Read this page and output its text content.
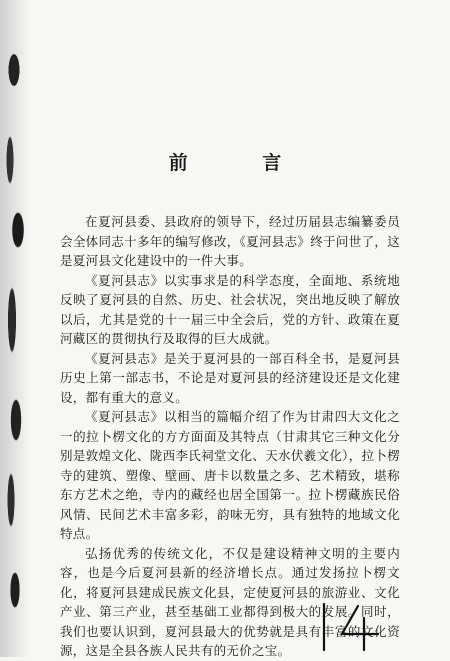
前 言

在夏河县委、县政府的领导下，经过历届县志编纂委员会全体同志十多年的编写修改，《夏河县志》终于问世了，这是夏河县文化建设中的一件大事。

《夏河县志》以实事求是的科学态度，全面地、系统地反映了夏河县的自然、历史、社会状况，突出地反映了解放以后，尤其是党的十一届三中全会后，党的方针、政策在夏河藏区的贯彻执行及取得的巨大成就。

《夏河县志》是关于夏河县的一部百科全书，是夏河县历史上第一部志书，不论是对夏河县的经济建设还是文化建设，都有重大的意义。

《夏河县志》以相当的篇幅介绍了作为甘肃四大文化之一的拉卜楞文化的方方面面及其特点（甘肃其它三种文化分别是敦煌文化、陇西李氏祠堂文化、天水伏羲文化），拉卜楞寺的建筑、塑像、壁画、唐卡以数量之多、艺术精致，堪称东方艺术之绝，寺内的藏经也居全国第一。拉卜楞藏族民俗风情、民间艺术丰富多彩，韵味无穷，具有独特的地域文化特点。

弘扬优秀的传统文化，不仅是建设精神文明的主要内容，也是今后夏河县新的经济增长点。通过发扬拉卜楞文化，将夏河县建成民族文化县，定使夏河县的旅游业、文化产业、第三产业，甚至基础工业都得到极大的发展。同时，我们也要认识到，夏河县最大的优势就是具有丰富的文化资源，这是全县各族人民共有的无价之宝。
